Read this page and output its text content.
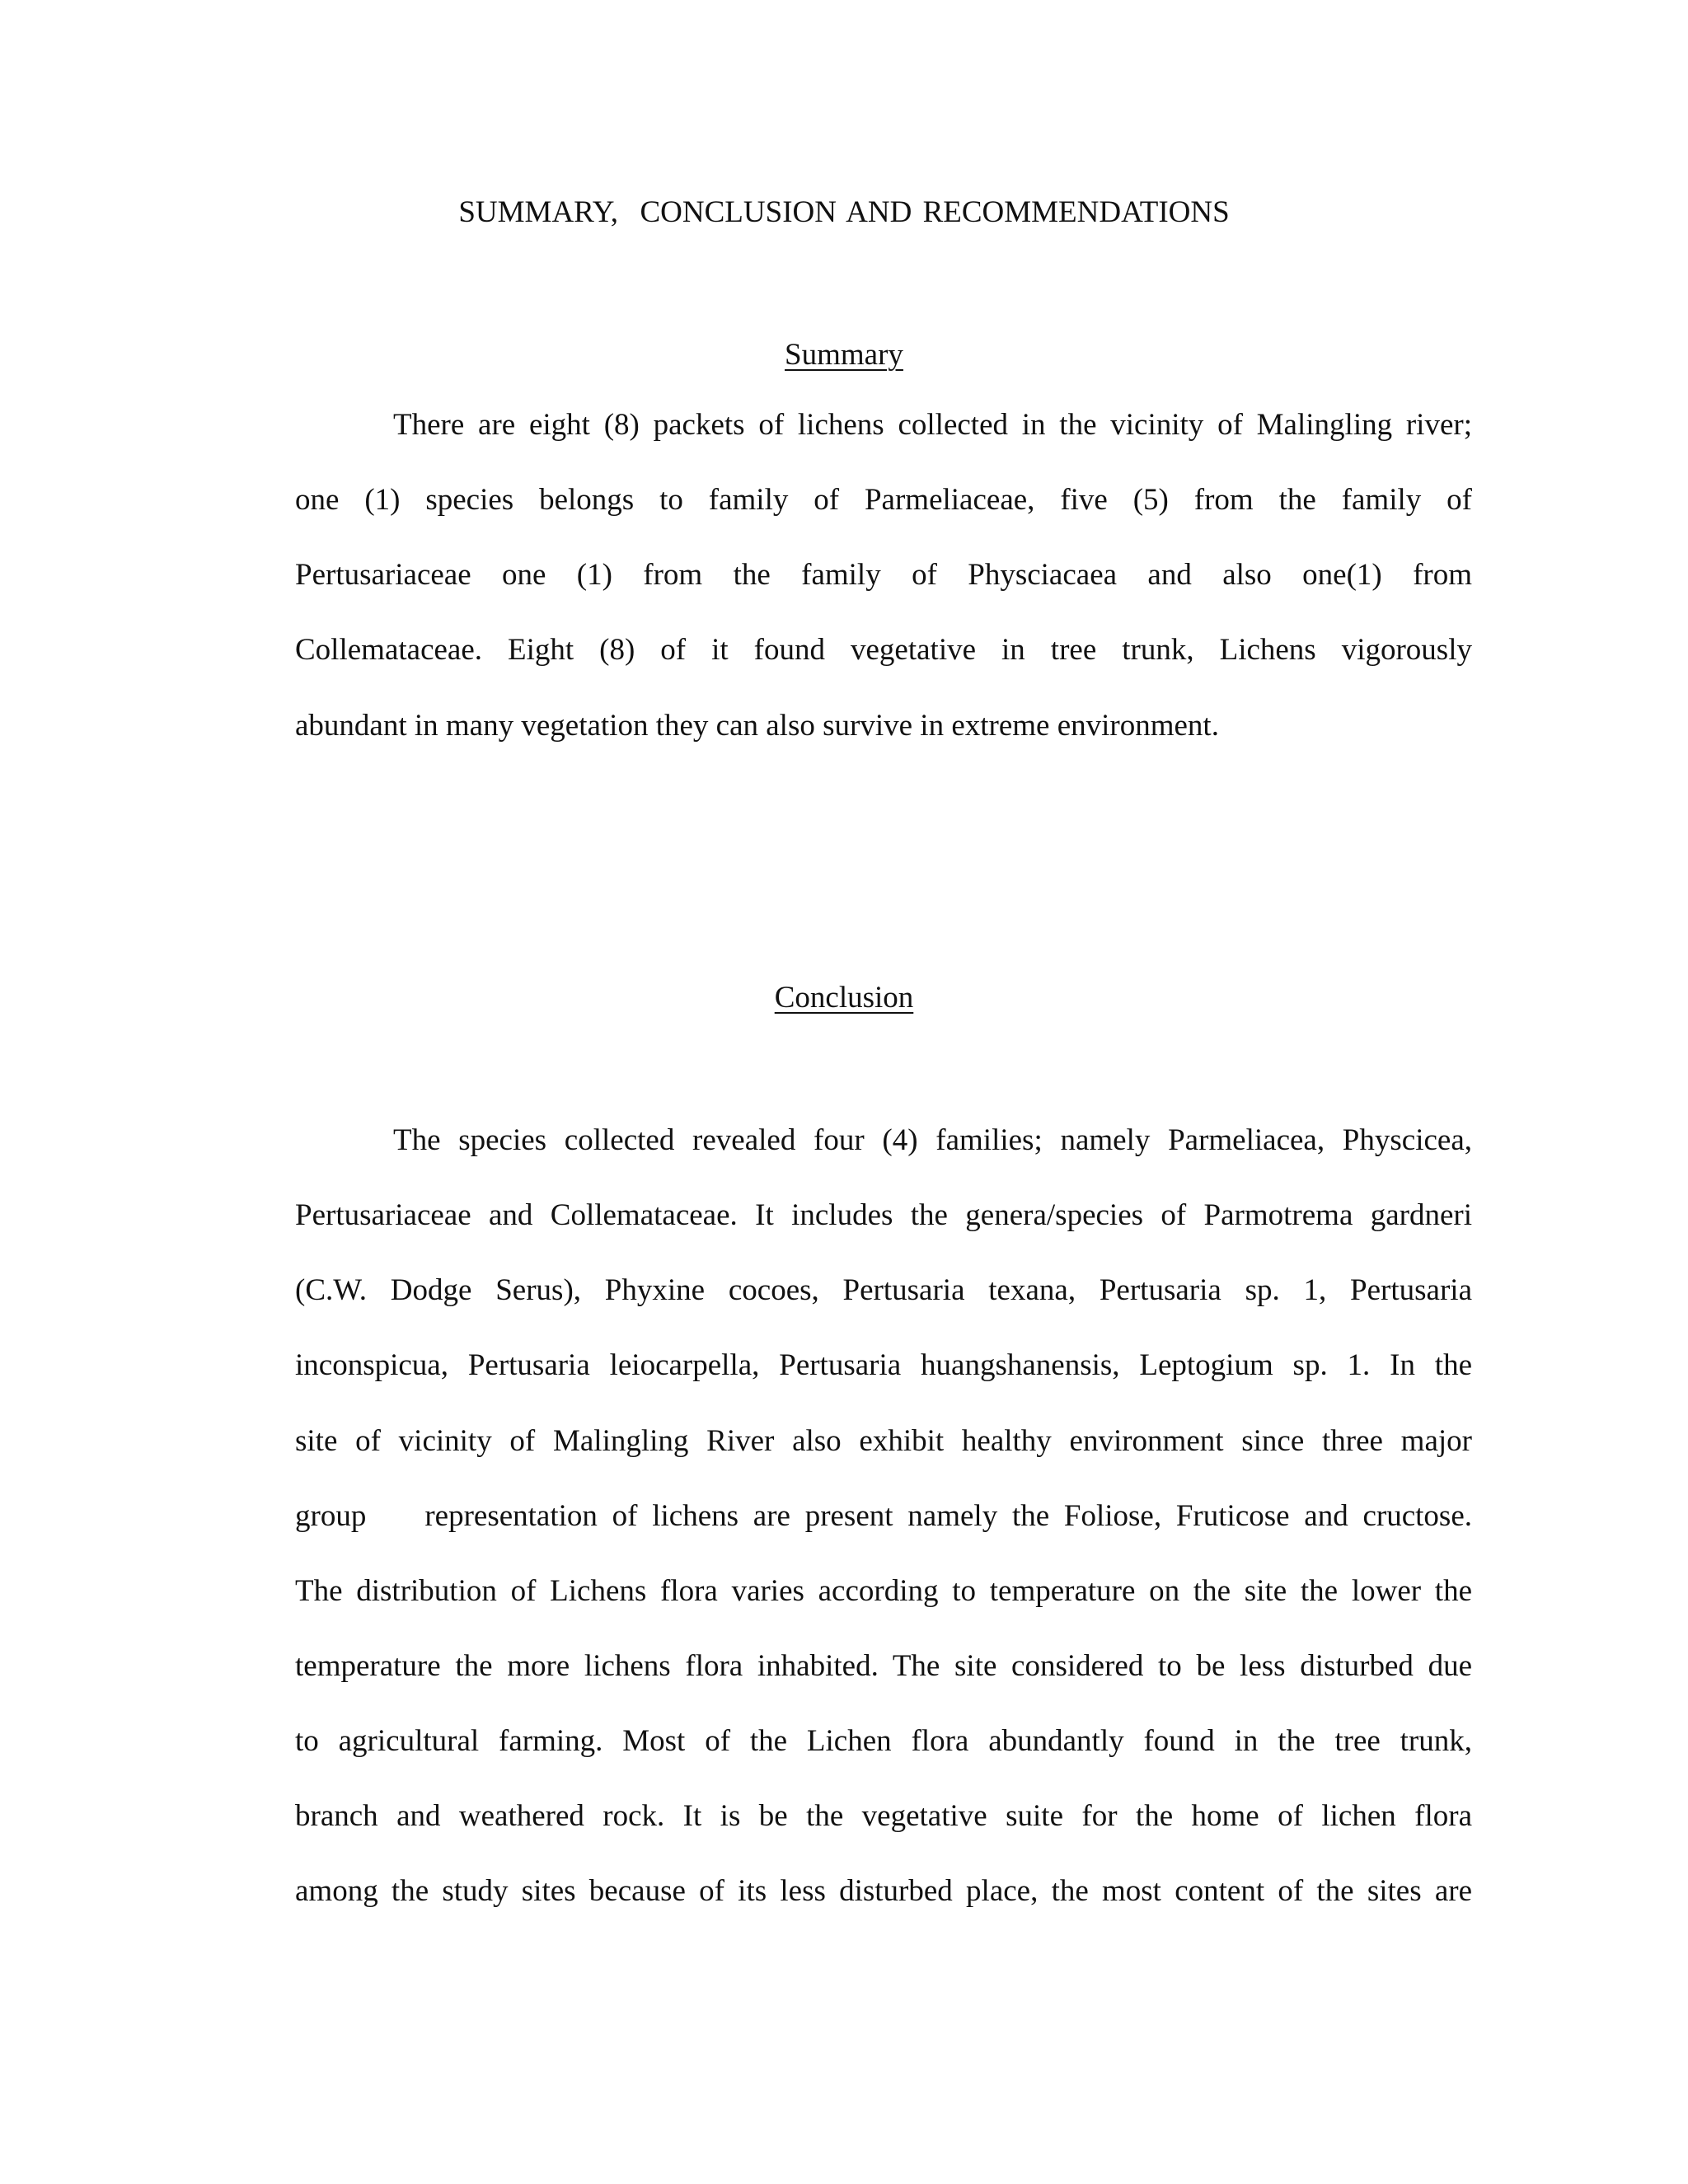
SUMMARY,  CONCLUSION AND RECOMMENDATIONS
Summary
There are eight (8) packets of lichens collected in the vicinity of Malingling river;
one (1) species belongs to family of Parmeliaceae, five (5) from the family of
Pertusariaceae one (1) from the family of Physciacaea and also one(1) from
Collemataceae. Eight (8) of it found vegetative in tree trunk, Lichens vigorously
abundant in many vegetation they can also survive in extreme environment.
Conclusion
The species collected revealed four (4) families; namely Parmeliacea, Physcicea,
Pertusariaceae and Collemataceae. It includes the genera/species of Parmotrema gardneri
(C.W. Dodge Serus), Phyxine cocoes, Pertusaria texana, Pertusaria sp. 1, Pertusaria
inconspicua, Pertusaria leiocarpella, Pertusaria huangshanensis, Leptogium sp. 1. In the
site of vicinity of Malingling River also exhibit healthy environment since three major
group    representation of lichens are present namely the Foliose, Fruticose and cructose.
The distribution of Lichens flora varies according to temperature on the site the lower the
temperature the more lichens flora inhabited. The site considered to be less disturbed due
to agricultural farming. Most of the Lichen flora abundantly found in the tree trunk,
branch and weathered rock. It is be the vegetative suite for the home of lichen flora
among the study sites because of its less disturbed place, the most content of the sites are
